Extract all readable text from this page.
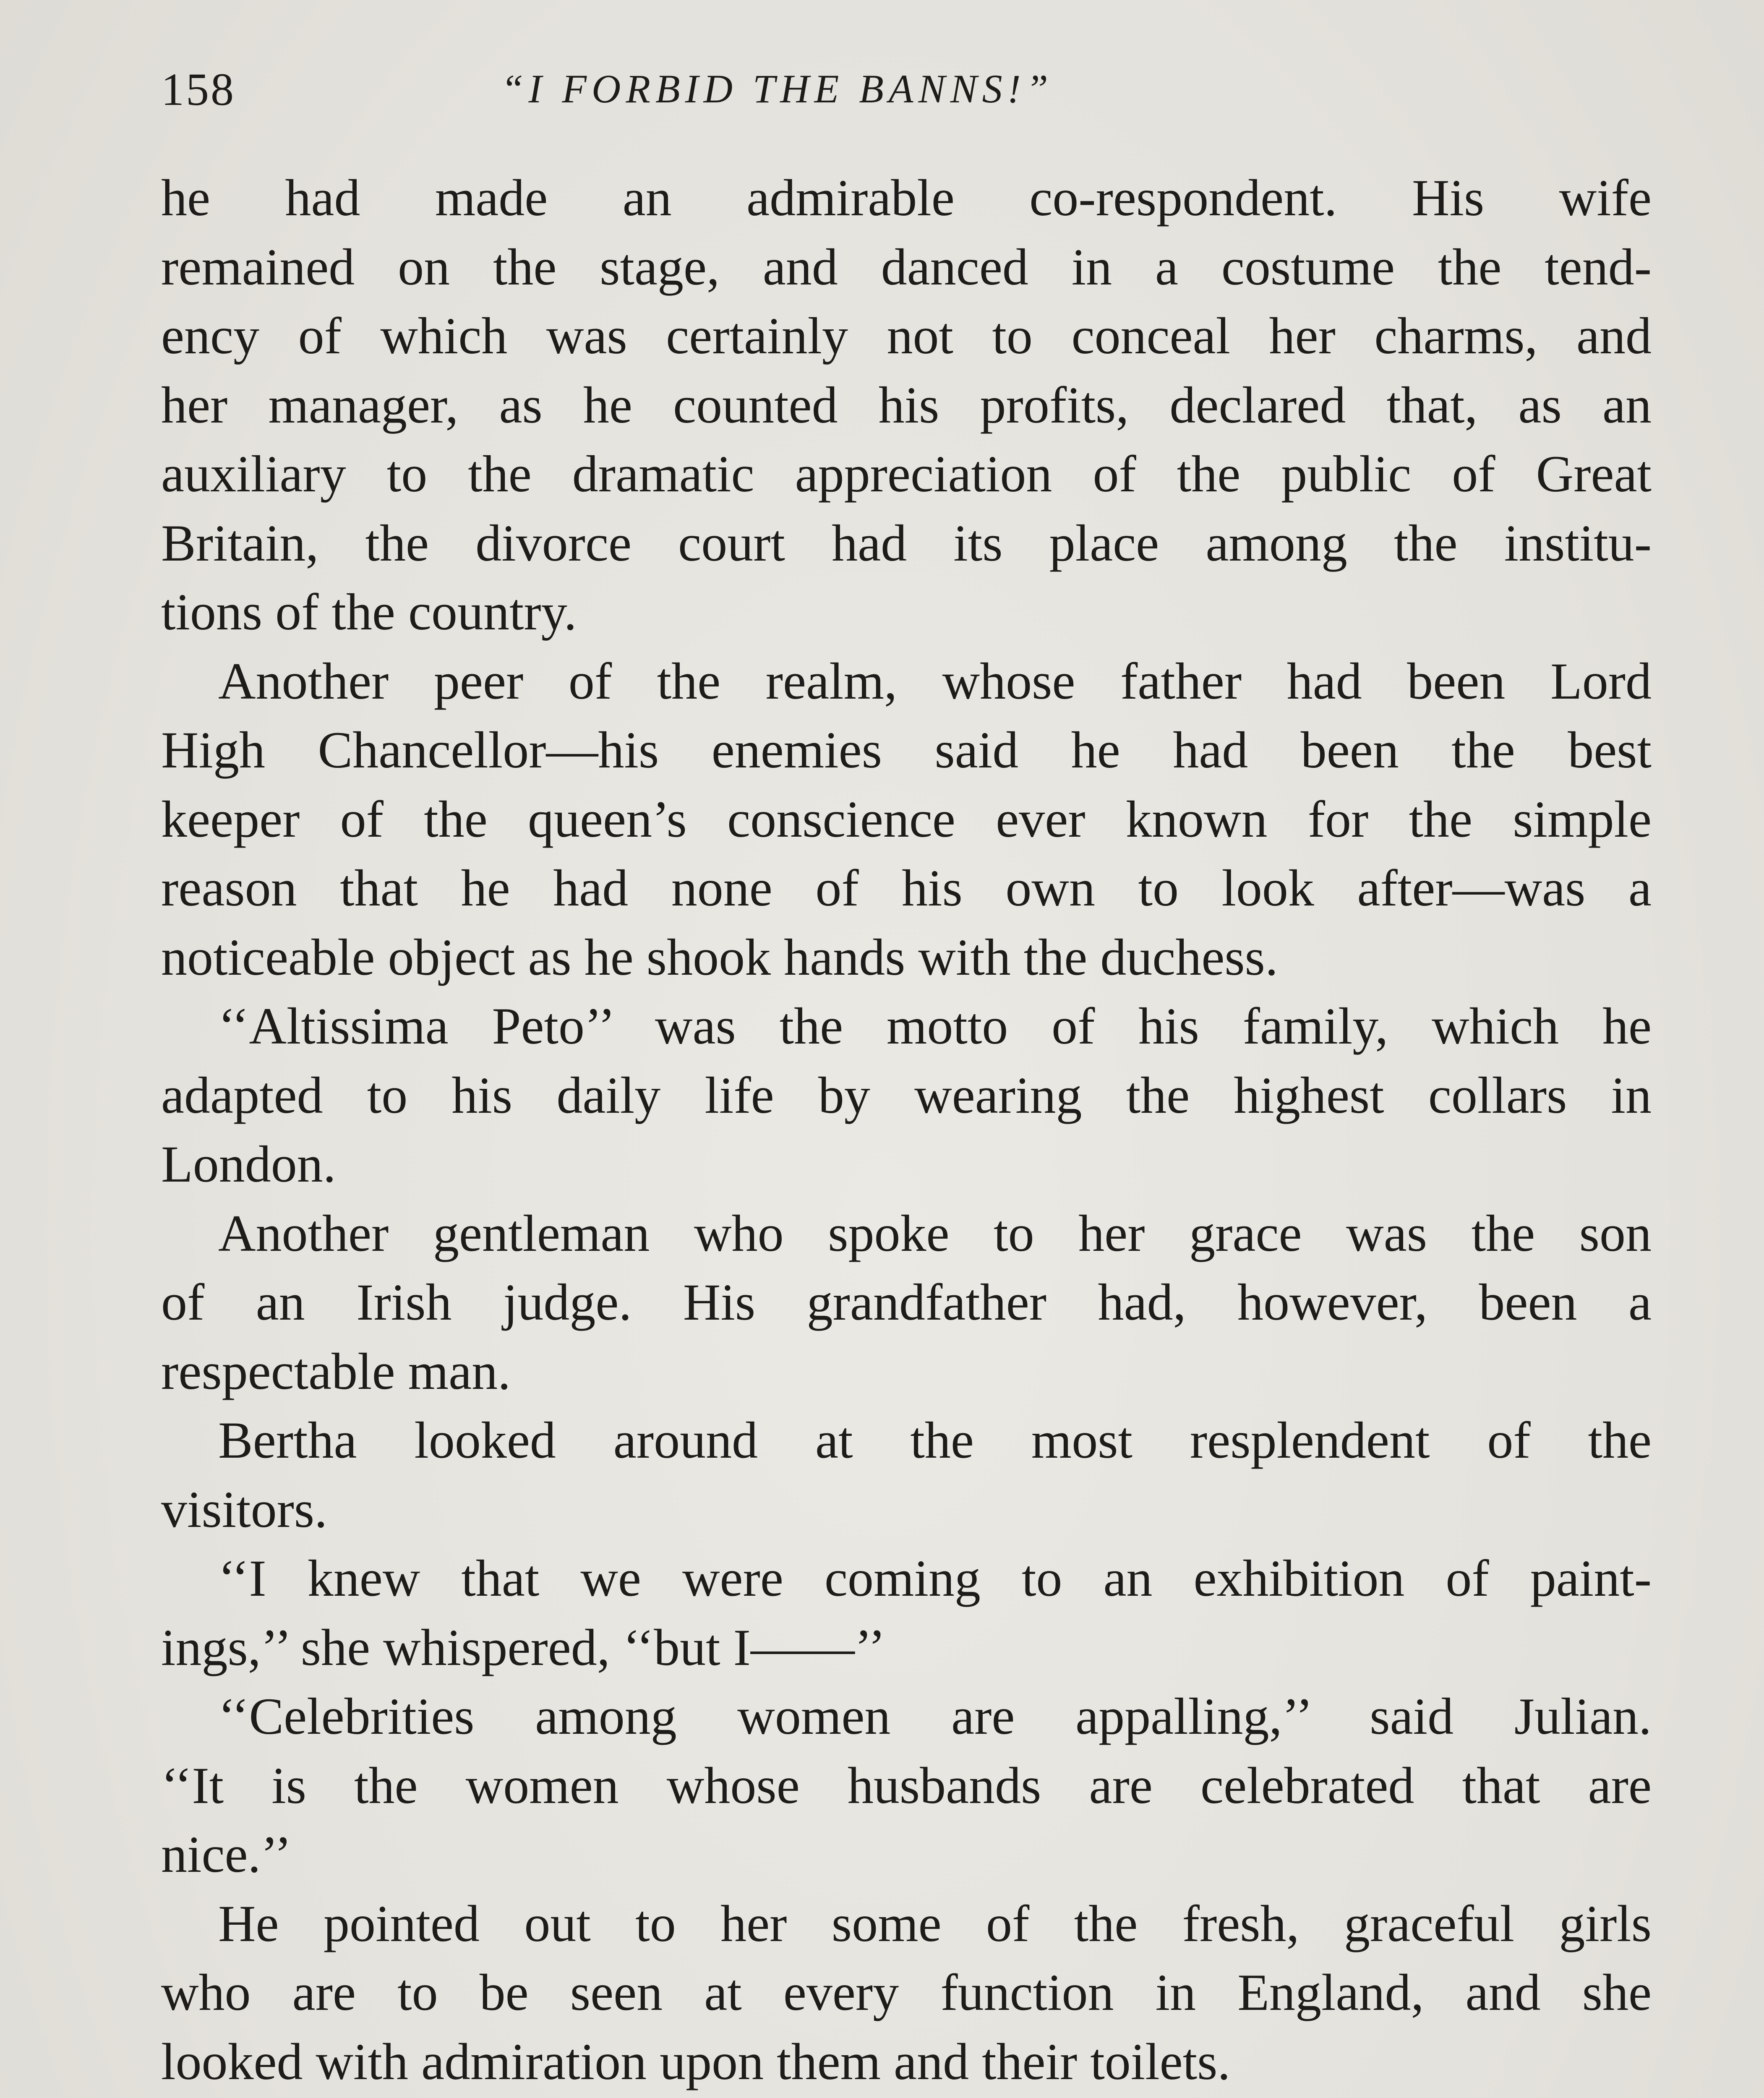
158	“I FORBID THE BANNS!”
he had made an admirable co-respondent. His wife
remained on the stage, and danced in a costume the tend-
ency of which was certainly not to conceal her charms, and
her manager, as he counted his profits, declared that, as an
auxiliary to the dramatic appreciation of the public of Great
Britain, the divorce court had its place among the institu-
tions of the country.
Another peer of the realm, whose father had been Lord
High Chancellor—his enemies said he had been the best
keeper of the queen’s conscience ever known for the simple
reason that he had none of his own to look after—was a
noticeable object as he shook hands with the duchess.
‘‘Altissima Peto’’ was the motto of his family, which he
adapted to his daily life by wearing the highest collars in
London.
Another gentleman who spoke to her grace was the son
of an Irish judge. His grandfather had, however, been a
respectable man.
Bertha looked around at the most resplendent of the
visitors.
‘‘I knew that we were coming to an exhibition of paint-
ings,’’ she whispered, ‘‘but I——’’
‘‘Celebrities among women are appalling,’’ said Julian.
‘‘It is the women whose husbands are celebrated that are
nice.’’
He pointed out to her some of the fresh, graceful girls
who are to be seen at every function in England, and she
looked with admiration upon them and their toilets.
